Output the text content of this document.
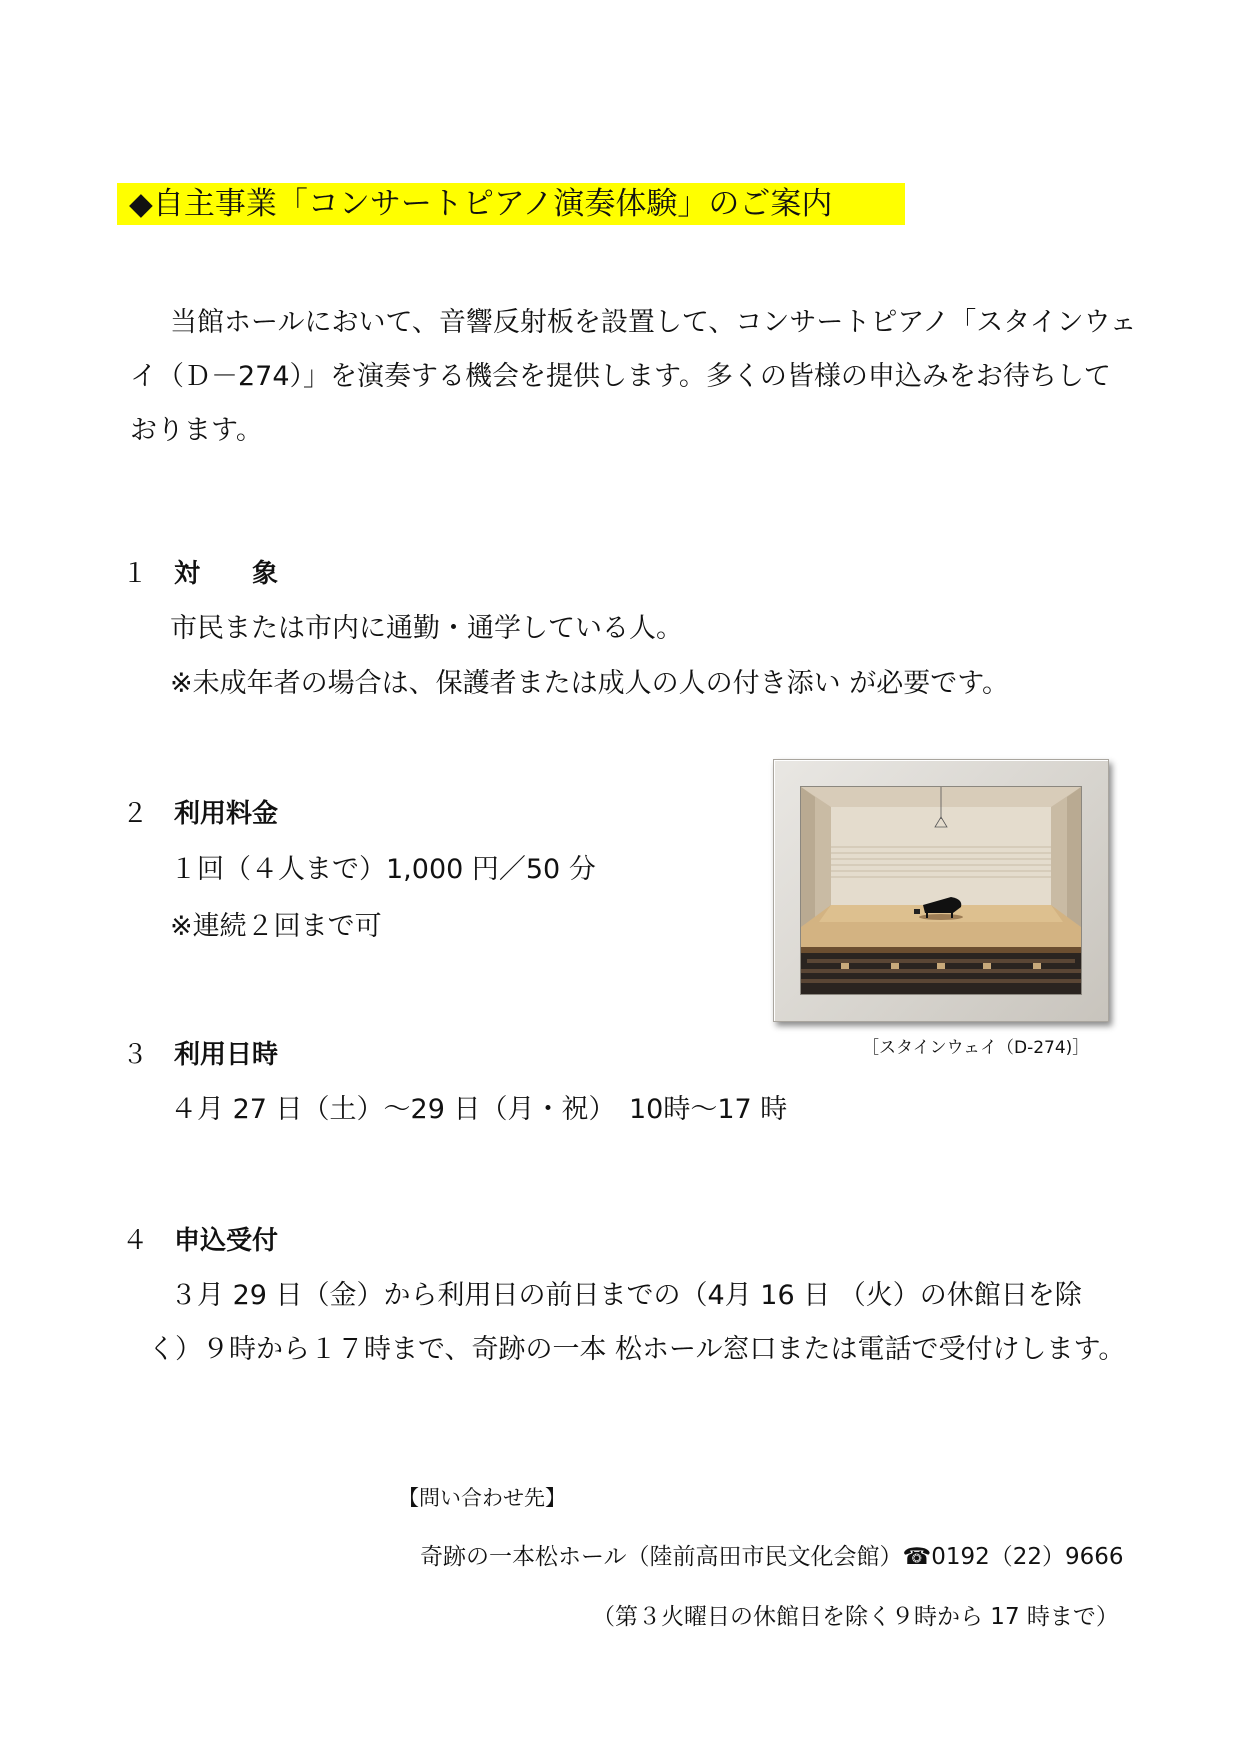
◆自主事業「コンサートピアノ演奏体験」のご案内
当館ホールにおいて、音響反射板を設置して、コンサートピアノ「スタインウェ
イ（Ｄ－274）」を演奏する機会を提供します。多くの皆様の申込みをお待ちして
おります。
１ 対　　象
市民または市内に通勤・通学している人。
※未成年者の場合は、保護者または成人の人の付き添い が必要です。
２ 利用料金
１回（４人まで）1,000 円／50 分
※連続２回まで可
３ 利用日時
４月 27 日（土）～29 日（月・祝）　10時～17 時
４ 申込受付
３月 29 日（金）から利用日の前日までの（4月 16 日 （火）の休館日を除
く）９時から１７時まで、奇跡の一本 松ホール窓口または電話で受付けします。
［スタインウェイ（D-274)］
【問い合わせ先】
奇跡の一本松ホール（陸前高田市民文化会館）☎0192（22）9666
（第３火曜日の休館日を除く９時から 17 時まで）
